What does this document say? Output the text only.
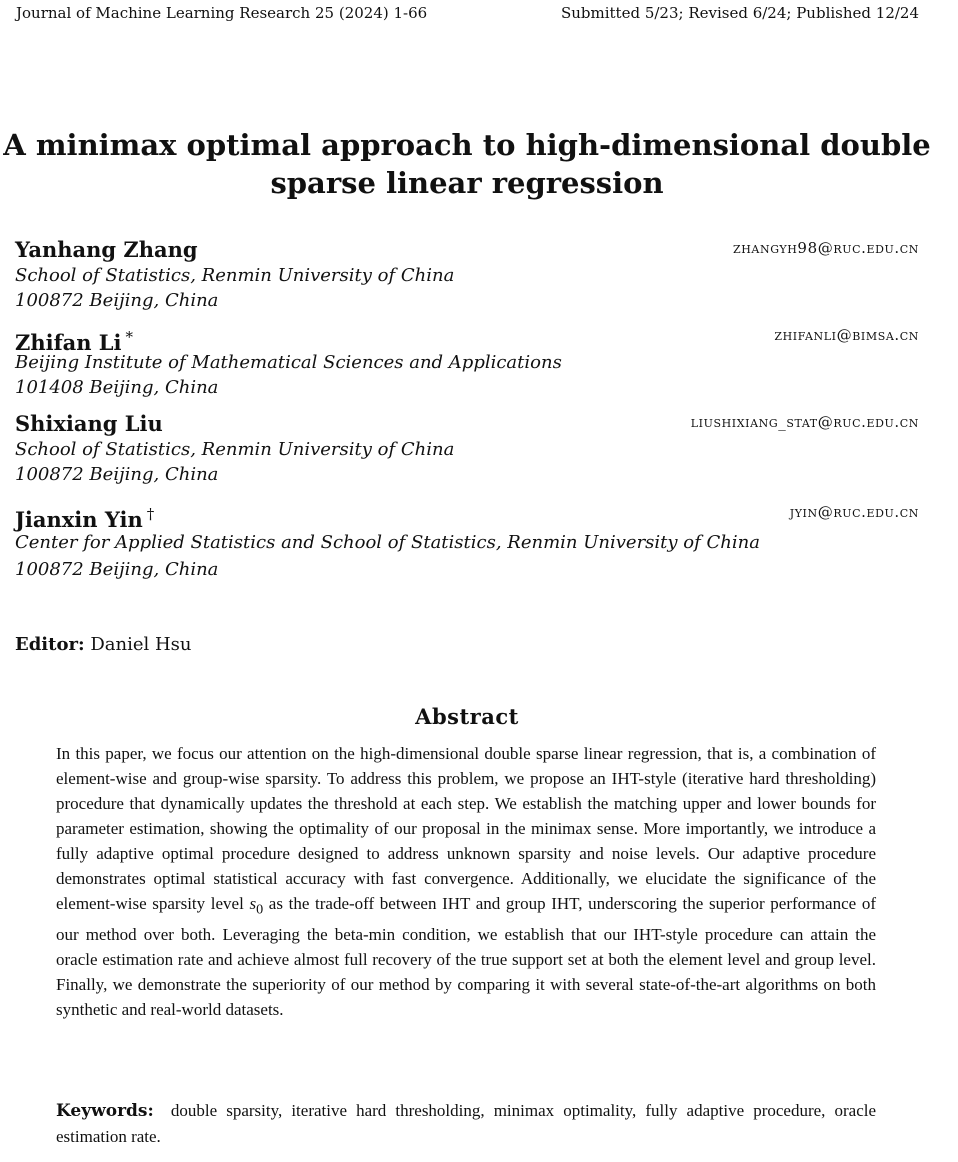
Journal of Machine Learning Research 25 (2024) 1-66	Submitted 5/23; Revised 6/24; Published 12/24
A minimax optimal approach to high-dimensional double
sparse linear regression
Yanhang Zhang	zhangyh98@ruc.edu.cn
School of Statistics, Renmin University of China
100872 Beijing, China
Zhifan Li *	zhifanli@bimsa.cn
Beijing Institute of Mathematical Sciences and Applications
101408 Beijing, China
Shixiang Liu	liushixiang_stat@ruc.edu.cn
School of Statistics, Renmin University of China
100872 Beijing, China
Jianxin Yin †	jyin@ruc.edu.cn
Center for Applied Statistics and School of Statistics, Renmin University of China
100872 Beijing, China
Editor: Daniel Hsu
Abstract
In this paper, we focus our attention on the high-dimensional double sparse linear regression, that is, a combination of element-wise and group-wise sparsity. To address this problem, we propose an IHT-style (iterative hard thresholding) procedure that dynamically updates the threshold at each step. We establish the matching upper and lower bounds for parameter estimation, showing the optimality of our proposal in the minimax sense. More importantly, we introduce a fully adaptive optimal procedure designed to address unknown sparsity and noise levels. Our adaptive procedure demonstrates optimal statistical accuracy with fast convergence. Additionally, we elucidate the significance of the element-wise sparsity level $s_0$ as the trade-off between IHT and group IHT, underscoring the superior performance of our method over both. Leveraging the beta-min condition, we establish that our IHT-style procedure can attain the oracle estimation rate and achieve almost full recovery of the true support set at both the element level and group level. Finally, we demonstrate the superiority of our method by comparing it with several state-of-the-art algorithms on both synthetic and real-world datasets.
Keywords: double sparsity, iterative hard thresholding, minimax optimality, fully adaptive procedure, oracle estimation rate.
